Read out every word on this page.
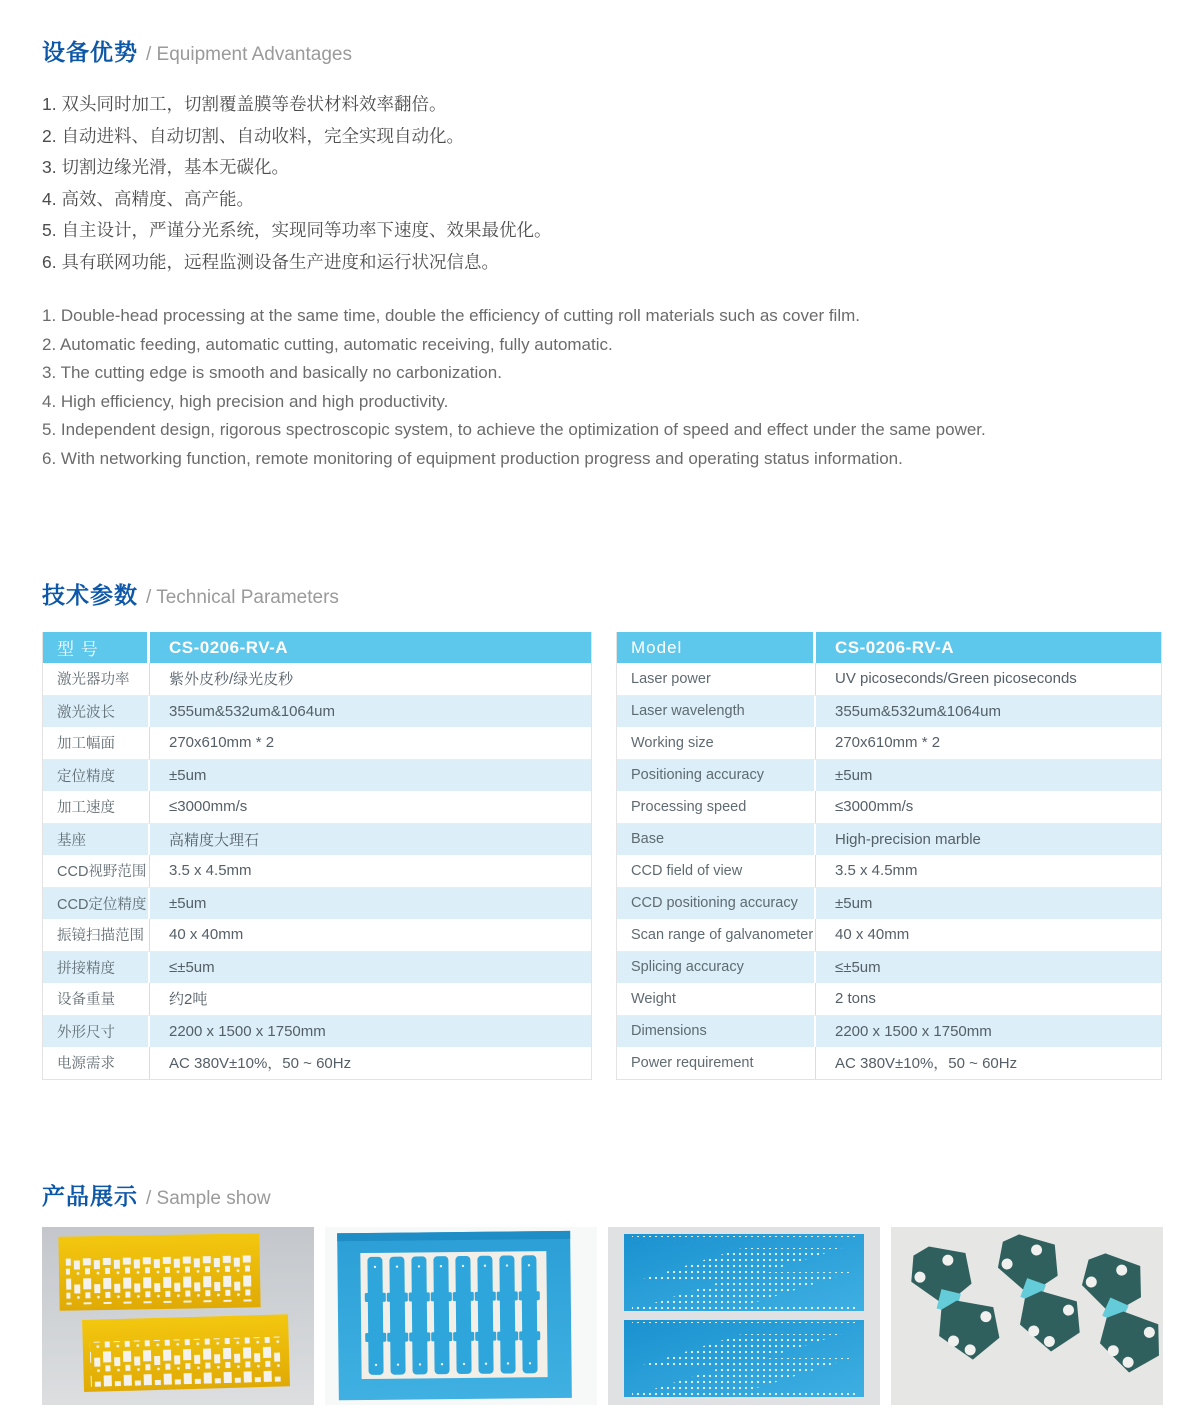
设备优势 / Equipment Advantages
1. 双头同时加工，切割覆盖膜等卷状材料效率翻倍。
2. 自动进料、自动切割、自动收料，完全实现自动化。
3. 切割边缘光滑，基本无碳化。
4. 高效、高精度、高产能。
5. 自主设计，严谨分光系统，实现同等功率下速度、效果最优化。
6. 具有联网功能，远程监测设备生产进度和运行状况信息。
1. Double-head processing at the same time, double the efficiency of cutting roll materials such as cover film.
2. Automatic feeding, automatic cutting, automatic receiving, fully automatic.
3. The cutting edge is smooth and basically no carbonization.
4. High efficiency, high precision and high productivity.
5. Independent design, rigorous spectroscopic system, to achieve the optimization of speed and effect under the same power.
6. With networking function, remote monitoring of equipment production progress and operating status information.
技术参数 / Technical Parameters
型 号	CS-0206-RV-A
激光器功率	紫外皮秒/绿光皮秒
激光波长	355um&532um&1064um
加工幅面	270x610mm * 2
定位精度	±5um
加工速度	≤3000mm/s
基座	高精度大理石
CCD视野范围	3.5 x 4.5mm
CCD定位精度	±5um
振镜扫描范围	40 x 40mm
拼接精度	≤±5um
设备重量	约2吨
外形尺寸	2200 x 1500 x 1750mm
电源需求	AC 380V±10%，50 ~ 60Hz
Model	CS-0206-RV-A
Laser power	UV picoseconds/Green picoseconds
Laser wavelength	355um&532um&1064um
Working size	270x610mm * 2
Positioning accuracy	±5um
Processing speed	≤3000mm/s
Base	High-precision marble
CCD field of view	3.5 x 4.5mm
CCD positioning accuracy	±5um
Scan range of galvanometer	40 x 40mm
Splicing accuracy	≤±5um
Weight	2 tons
Dimensions	2200 x 1500 x 1750mm
Power requirement	AC 380V±10%，50 ~ 60Hz
产品展示 / Sample show
